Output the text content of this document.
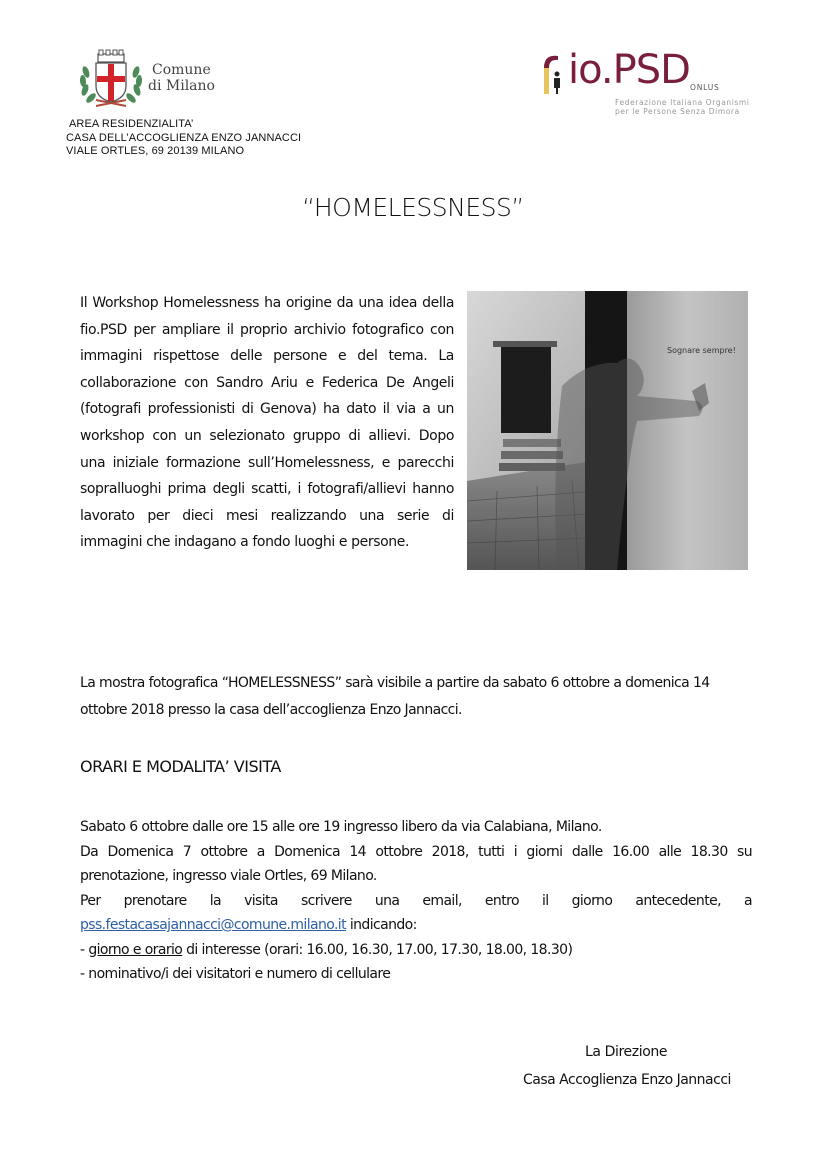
Comune
di Milano
AREA RESIDENZIALITA’
CASA DELL’ACCOGLIENZA ENZO JANNACCI
VIALE ORTLES, 69 20139 MILANO
io.PSD ONLUS
Federazione Italiana Organismi
per le Persone Senza Dimora
“HOMELESSNESS”
Il Workshop Homelessness ha origine da una idea della fio.PSD per ampliare il proprio archivio fotografico con immagini rispettose delle persone e del tema. La collaborazione con Sandro Ariu e Federica De Angeli (fotografi professionisti di Genova) ha dato il via a un workshop con un selezionato gruppo di allievi. Dopo una iniziale formazione sull’Homelessness, e parecchi sopralluoghi prima degli scatti, i fotografi/allievi hanno lavorato per dieci mesi realizzando una serie di immagini che indagano a fondo luoghi e persone.
Sognare sempre!
La mostra fotografica “HOMELESSNESS” sarà visibile a partire da sabato 6 ottobre a domenica 14 ottobre 2018 presso la casa dell’accoglienza Enzo Jannacci.
ORARI E MODALITA’ VISITA
Sabato 6 ottobre dalle ore 15 alle ore 19 ingresso libero da via Calabiana, Milano.
Da Domenica 7 ottobre a Domenica 14 ottobre 2018, tutti i giorni dalle 16.00 alle 18.30 su
prenotazione, ingresso viale Ortles, 69 Milano.
Per prenotare la visita scrivere una email, entro il giorno antecedente, a
pss.festacasajannacci@comune.milano.it indicando:
- giorno e orario di interesse (orari: 16.00, 16.30, 17.00, 17.30, 18.00, 18.30)
- nominativo/i dei visitatori e numero di cellulare
La Direzione
Casa Accoglienza Enzo Jannacci
